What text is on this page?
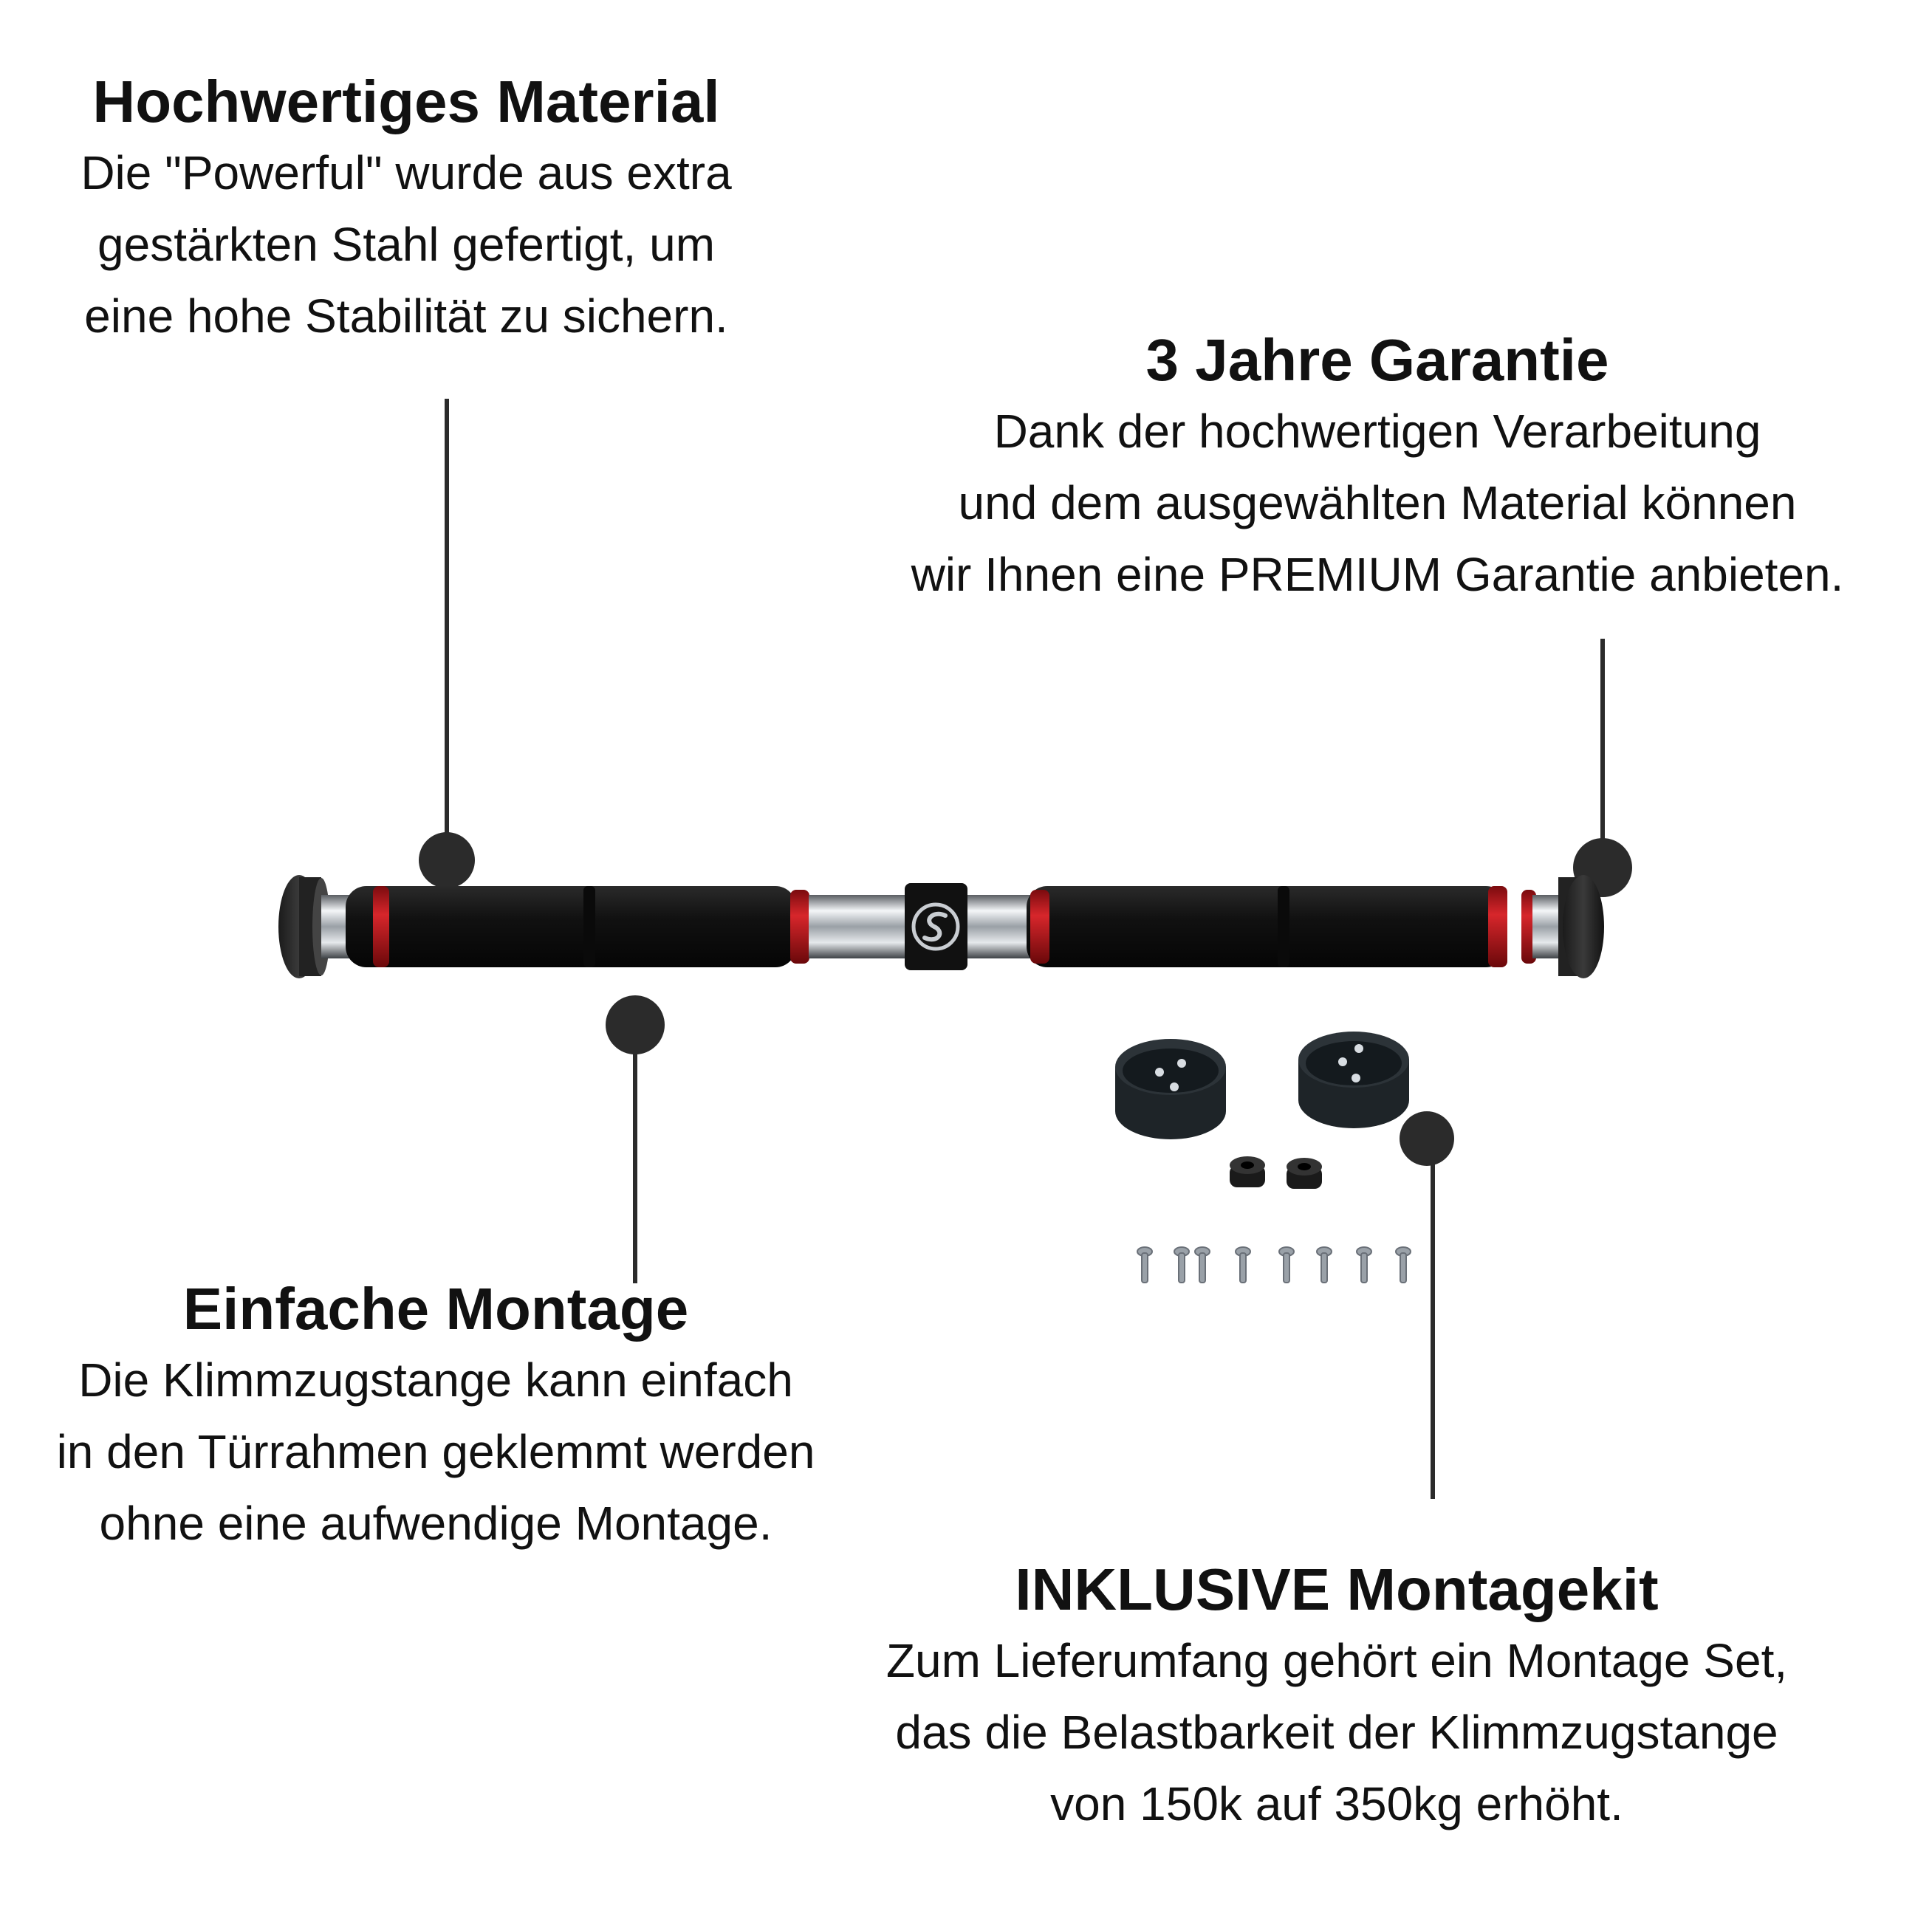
Hochwertiges Material

Die "Powerful" wurde aus extra

gestärkten Stahl gefertigt, um

eine hohe Stabilität zu sichern.

3 Jahre Garantie

Dank der hochwertigen Verarbeitung

und dem ausgewählten Material können

wir Ihnen eine PREMIUM Garantie anbieten.

Einfache Montage

Die Klimmzugstange kann einfach

in den Türrahmen geklemmt werden

ohne eine aufwendige Montage.

INKLUSIVE Montagekit

Zum Lieferumfang gehört ein Montage Set,

das die Belastbarkeit der Klimmzugstange

von 150k auf 350kg erhöht.
